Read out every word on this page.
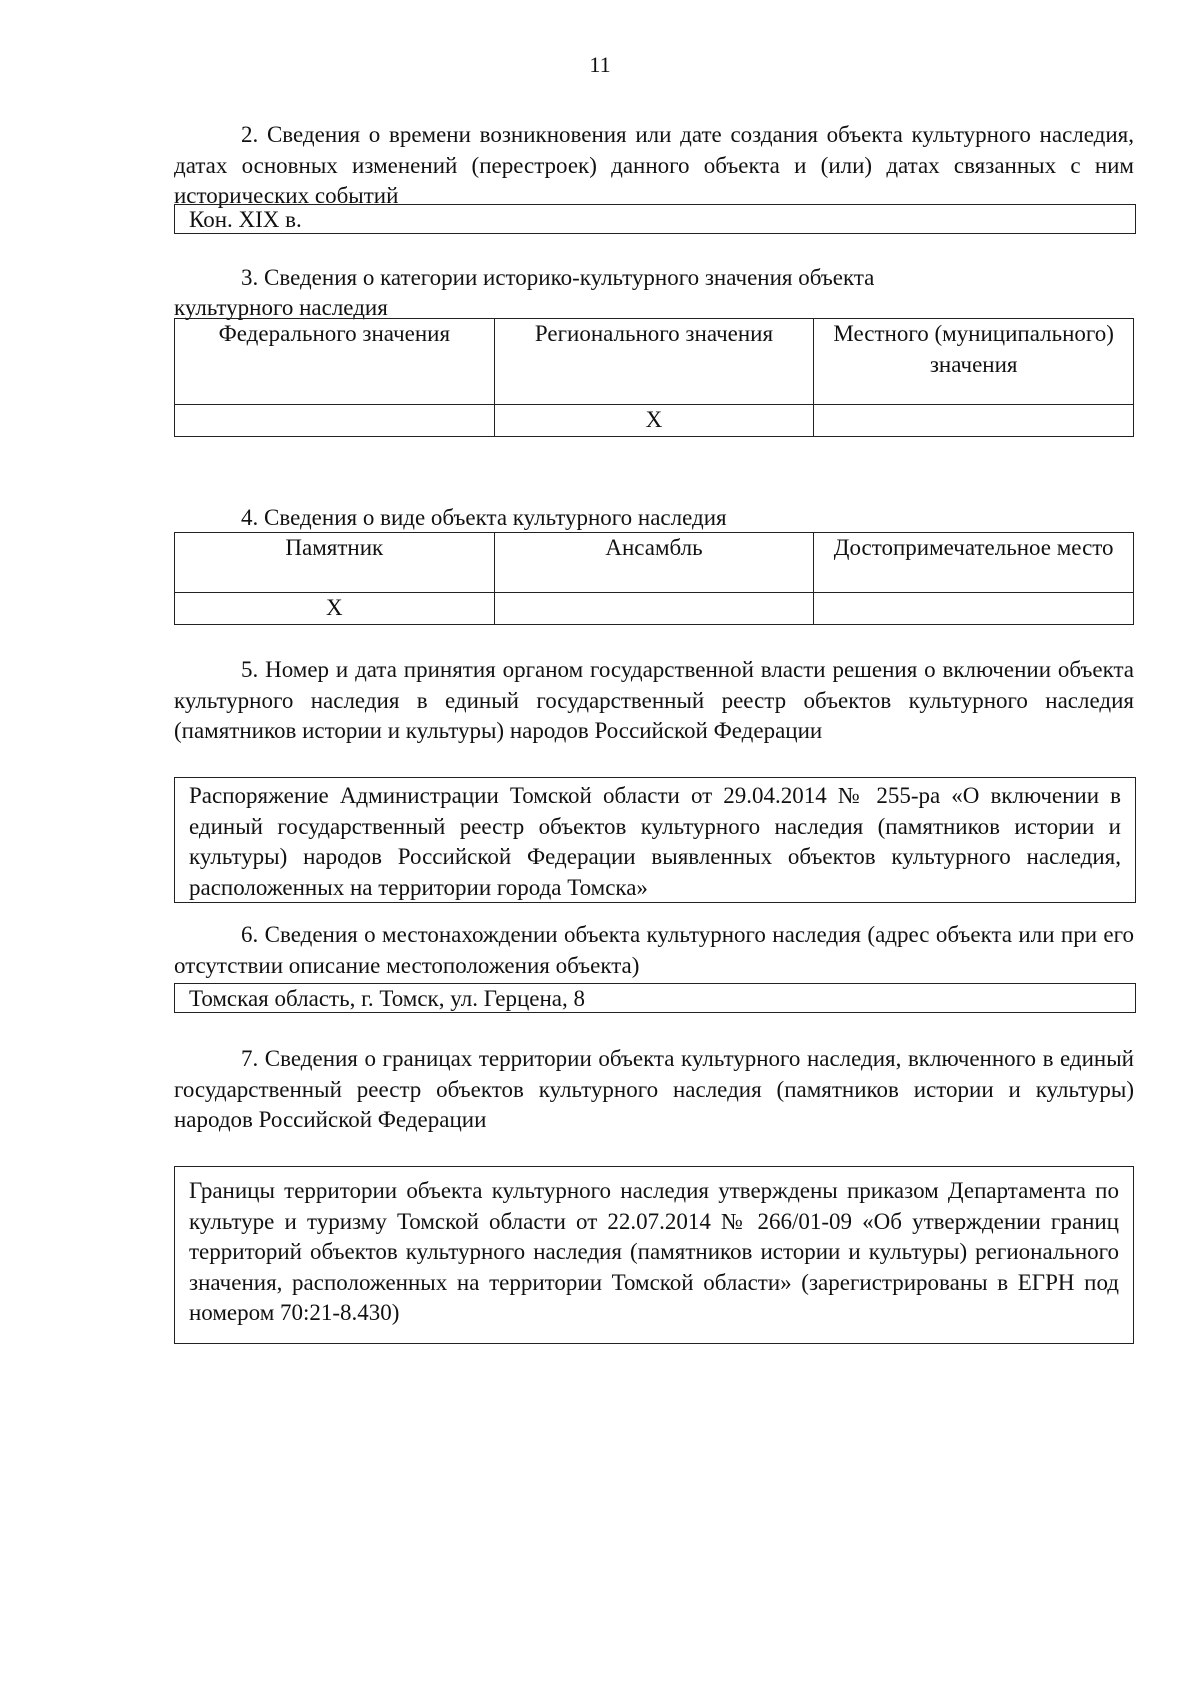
11
2. Сведения о времени возникновения или дате создания объекта культурного наследия, датах основных изменений (перестроек) данного объекта и (или) датах связанных с ним исторических событий
Кон. XIX в.
3. Сведения о категории историко-культурного значения объекта
культурного наследия
Федерального значения	Регионального значения	Местного (муниципального) значения
	Х	
4. Сведения о виде объекта культурного наследия
Памятник	Ансамбль	Достопримечательное место
Х		
5. Номер и дата принятия органом государственной власти решения о включении объекта культурного наследия в единый государственный реестр объектов культурного наследия (памятников истории и культуры) народов Российской Федерации
Распоряжение Администрации Томской области от 29.04.2014 № 255-ра «О включении в единый государственный реестр объектов культурного наследия (памятников истории и культуры) народов Российской Федерации выявленных объектов культурного наследия, расположенных на территории города Томска»
6. Сведения о местонахождении объекта культурного наследия (адрес объекта или при его отсутствии описание местоположения объекта)
Томская область, г. Томск, ул. Герцена, 8
7. Сведения о границах территории объекта культурного наследия, включенного в единый государственный реестр объектов культурного наследия (памятников истории и культуры) народов Российской Федерации
Границы территории объекта культурного наследия утверждены приказом Департамента по культуре и туризму Томской области от 22.07.2014 № 266/01-09 «Об утверждении границ территорий объектов культурного наследия (памятников истории и культуры) регионального значения, расположенных на территории Томской области» (зарегистрированы в ЕГРН под номером 70:21-8.430)
